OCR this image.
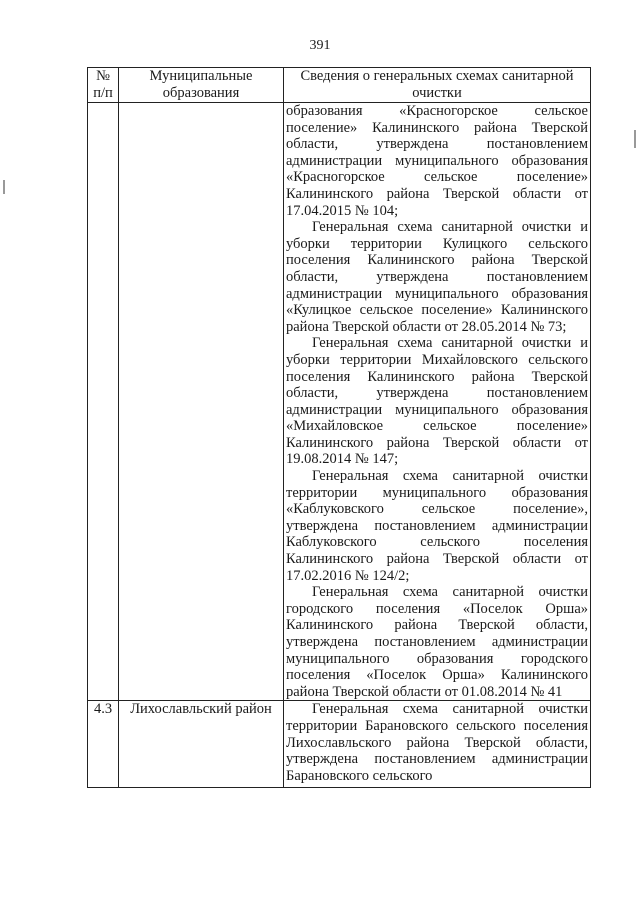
391
№ п/п	Муниципальные образования	Сведения о генеральных схемах санитарной очистки

		образования «Красногорское сельское поселение» Калининского района Тверской области, утверждена постановлением администрации муниципального образования «Красногорское сельское поселение» Калининского района Тверской области от 17.04.2015 № 104;

Генеральная схема санитарной очистки и уборки территории Кулицкого сельского поселения Калининского района Тверской области, утверждена постановлением администрации муниципального образования «Кулицкое сельское поселение» Калининского района Тверской области от 28.05.2014 № 73;

Генеральная схема санитарной очистки и уборки территории Михайловского сельского поселения Калининского района Тверской области, утверждена постановлением администрации муниципального образования «Михайловское сельское поселение» Калининского района Тверской области от 19.08.2014 № 147;

Генеральная схема санитарной очистки территории муниципального образования «Каблуковского сельское поселение», утверждена постановлением администрации Каблуковского сельского поселения Калининского района Тверской области от 17.02.2016 № 124/2;

Генеральная схема санитарной очистки городского поселения «Поселок Орша» Калининского района Тверской области, утверждена постановлением администрации муниципального образования городского поселения «Поселок Орша» Калининского района Тверской области от 01.08.2014 № 41

4.3	Лихославльский район	Генеральная схема санитарной очистки территории Барановского сельского поселения Лихославльского района Тверской области, утверждена постановлением администрации Барановского сельского
